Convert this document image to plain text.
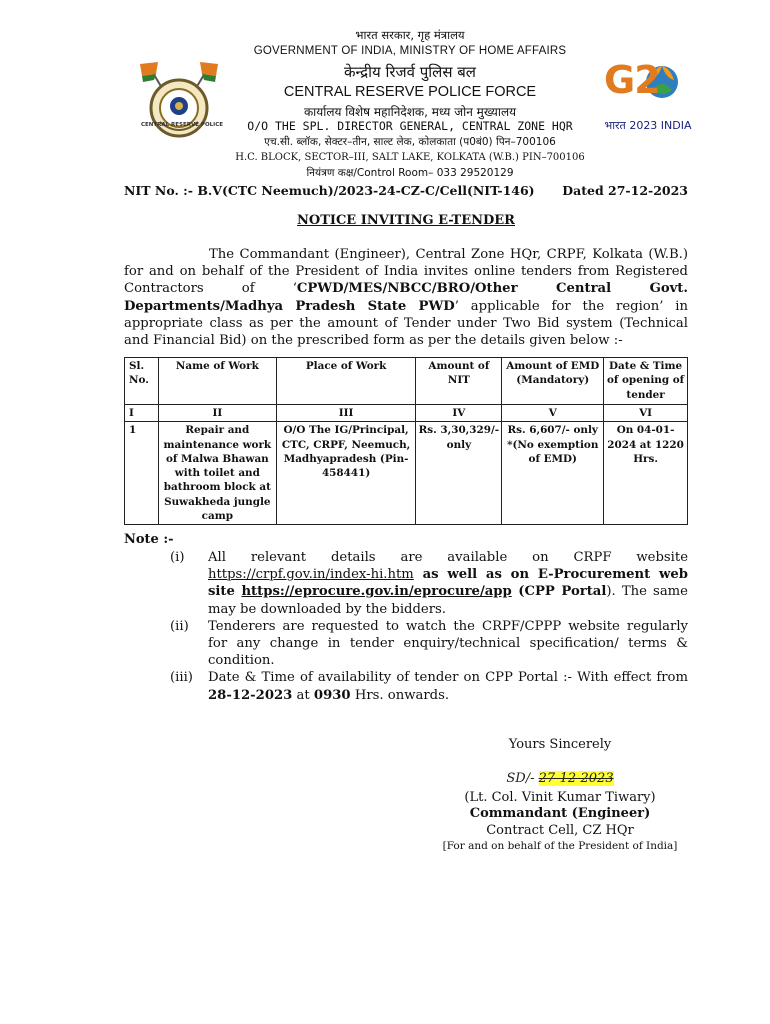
CENTRAL RESERVE POLICE
G2
भारत 2023 INDIA
भारत सरकार, गृह मंत्रालय
GOVERNMENT OF INDIA, MINISTRY OF HOME AFFAIRS
केन्द्रीय रिजर्व पुलिस बल
CENTRAL RESERVE POLICE FORCE
कार्यालय विशेष महानिदेशक, मध्य जोन मुख्यालय
O/O THE SPL. DIRECTOR GENERAL, CENTRAL ZONE HQR
एच.सी. ब्लॉक, सेक्टर–तीन, साल्ट लेक, कोलकाता (प0बं0) पिन–700106
H.C. BLOCK, SECTOR–III, SALT LAKE, KOLKATA (W.B.) PIN–700106
नियंत्रण कक्ष/Control Room– 033 29520129
NIT No. :- B.V(CTC Neemuch)/2023-24-CZ-C/Cell(NIT-146) Dated 27-12-2023
NOTICE INVITING E-TENDER
The Commandant (Engineer), Central Zone HQr, CRPF, Kolkata (W.B.) for and on behalf of the President of India invites online tenders from Registered Contractors of ‘CPWD/MES/NBCC/BRO/Other Central Govt. Departments/Madhya Pradesh State PWD’ applicable for the region’ in appropriate class as per the amount of Tender under Two Bid system (Technical and Financial Bid) on the prescribed form as per the details given below :-
Sl. No.	Name of Work	Place of Work	Amount of NIT	Amount of EMD (Mandatory)	Date & Time of opening of tender
I	II	III	IV	V	VI
1	Repair and maintenance work of Malwa Bhawan with toilet and bathroom block at Suwakheda jungle camp	O/O The IG/Principal, CTC, CRPF, Neemuch, Madhyapradesh (Pin-458441)	Rs. 3,30,329/- only	Rs. 6,607/- only *(No exemption of EMD)	On 04-01-2024 at 1220 Hrs.
Note :-
(i) All relevant details are available on CRPF website https://crpf.gov.in/index-hi.htm as well as on E-Procurement web site https://eprocure.gov.in/eprocure/app (CPP Portal). The same may be downloaded by the bidders.
(ii) Tenderers are requested to watch the CRPF/CPPP website regularly for any change in tender enquiry/technical specification/ terms & condition.
(iii) Date & Time of availability of tender on CPP Portal :- With effect from 28-12-2023 at 0930 Hrs. onwards.
Yours Sincerely
SD/- 27-12-2023
(Lt. Col. Vinit Kumar Tiwary)
Commandant (Engineer)
Contract Cell, CZ HQr
[For and on behalf of the President of India]
